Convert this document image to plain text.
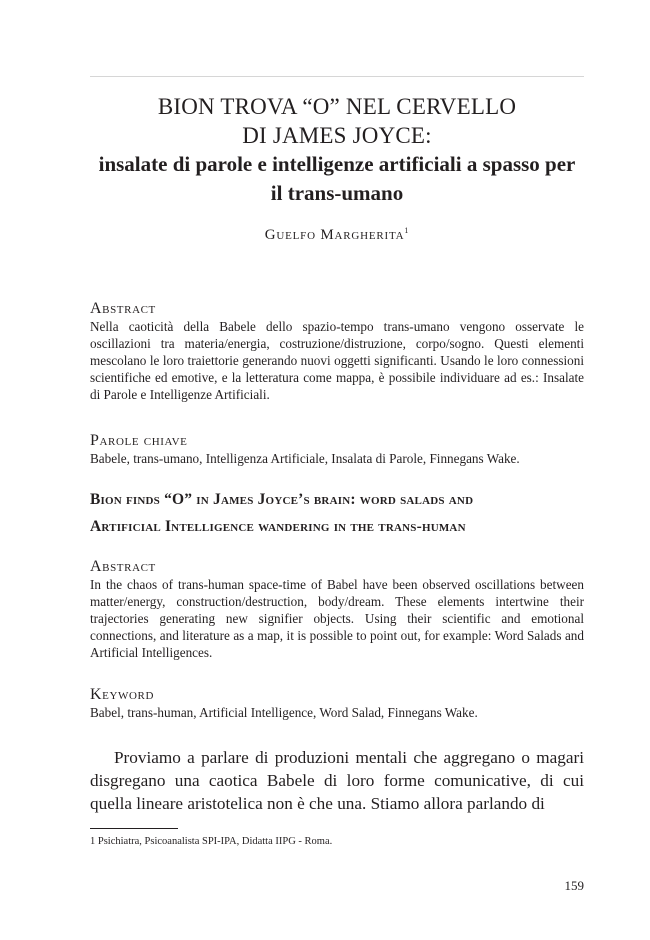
BION TROVA “O” NEL CERVELLO
DI JAMES JOYCE:
insalate di parole e intelligenze artificiali a spasso per
il trans-umano
Guelfo Margherita$^1$
Abstract

Nella caoticità della Babele dello spazio-tempo trans-umano vengono osservate le oscillazioni tra materia/energia, costruzione/distruzione, corpo/sogno. Questi elementi mescolano le loro traiettorie generando nuovi oggetti significanti. Usando le loro connessioni scientifiche ed emotive, e la letteratura come mappa, è possibile individuare ad es.: Insalate di Parole e Intelligenze Artificiali.

Parole chiave

Babele, trans-umano, Intelligenza Artificiale, Insalata di Parole, Finnegans Wake.

Bion finds “O” in James Joyce’s brain: word salads and
Artificial Intelligence wandering in the trans-human
Abstract

In the chaos of trans-human space-time of Babel have been observed oscillations between matter/energy, construction/destruction, body/dream. These elements intertwine their trajectories generating new signifier objects. Using their scientific and emotional connections, and literature as a map, it is possible to point out, for example: Word Salads and Artificial Intelligences.

Keyword

Babel, trans-human, Artificial Intelligence, Word Salad, Finnegans Wake.

Proviamo a parlare di produzioni mentali che aggregano o magari disgregano una caotica Babele di loro forme comunicative, di cui quella lineare aristotelica non è che una. Stiamo allora parlando di

1 Psichiatra, Psicoanalista SPI-IPA, Didatta IIPG - Roma.
159
